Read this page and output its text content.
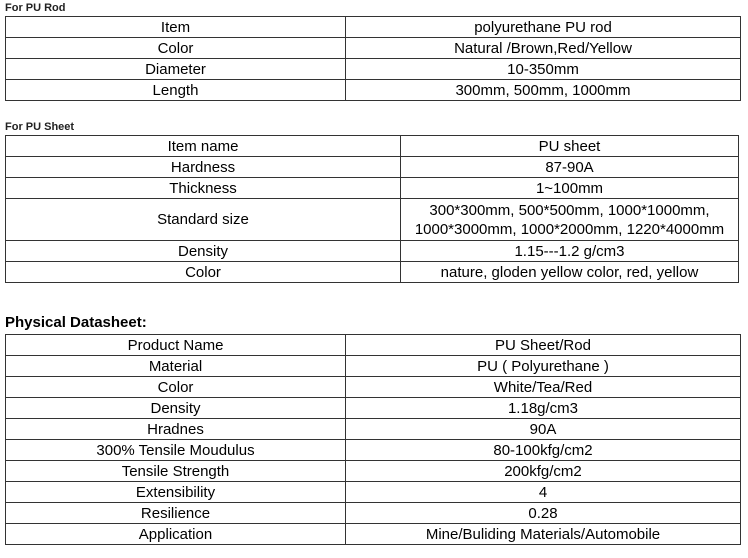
For PU Rod
Item	polyurethane PU rod
Color	Natural /Brown,Red/Yellow
Diameter	10-350mm
Length	300mm, 500mm, 1000mm
For PU Sheet
Item name	PU sheet
Hardness	87-90A
Thickness	1~100mm
Standard size	300*300mm, 500*500mm, 1000*1000mm, 1000*3000mm, 1000*2000mm, 1220*4000mm
Density	1.15---1.2 g/cm3
Color	nature, gloden yellow color, red, yellow
Physical Datasheet:
Product Name	PU Sheet/Rod
Material	PU ( Polyurethane )
Color	White/Tea/Red
Density	1.18g/cm3
Hradnes	90A
300% Tensile Moudulus	80-100kfg/cm2
Tensile Strength	200kfg/cm2
Extensibility	4
Resilience	0.28
Application	Mine/Buliding Materials/Automobile
